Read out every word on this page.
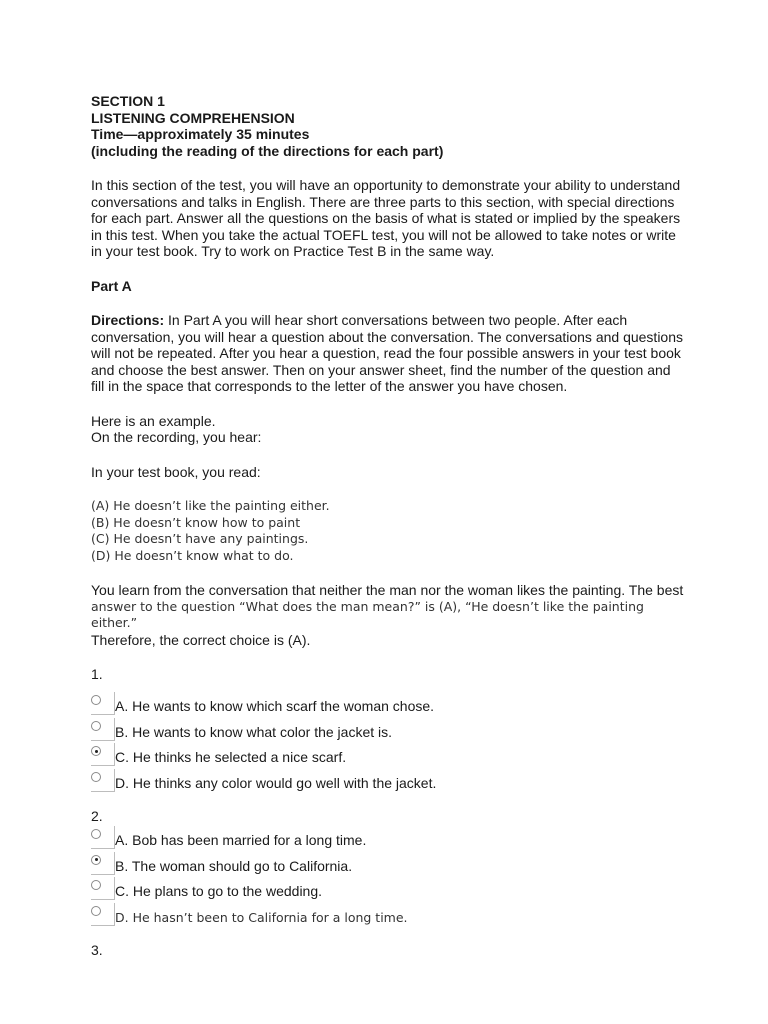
SECTION 1

LISTENING COMPREHENSION

Time—approximately 35 minutes

(including the reading of the directions for each part)

In this section of the test, you will have an opportunity to demonstrate your ability to understand

conversations and talks in English. There are three parts to this section, with special directions

for each part. Answer all the questions on the basis of what is stated or implied by the speakers

in this test. When you take the actual TOEFL test, you will not be allowed to take notes or write

in your test book. Try to work on Practice Test B in the same way.

Part A

Directions: In Part A you will hear short conversations between two people. After each

conversation, you will hear a question about the conversation. The conversations and questions

will not be repeated. After you hear a question, read the four possible answers in your test book

and choose the best answer. Then on your answer sheet, find the number of the question and

fill in the space that corresponds to the letter of the answer you have chosen.

Here is an example.

On the recording, you hear:

In your test book, you read:

(A) He doesn’t like the painting either.

(B) He doesn’t know how to paint

(C) He doesn’t have any paintings.

(D) He doesn’t know what to do.

You learn from the conversation that neither the man nor the woman likes the painting. The best

answer to the question “What does the man mean?” is (A), “He doesn’t like the painting either.”

Therefore, the correct choice is (A).

1.

A. He wants to know which scarf the woman chose.
B. He wants to know what color the jacket is.
C. He thinks he selected a nice scarf.
D. He thinks any color would go well with the jacket.

2.

A. Bob has been married for a long time.
B. The woman should go to California.
C. He plans to go to the wedding.
D. He hasn’t been to California for a long time.

3.
